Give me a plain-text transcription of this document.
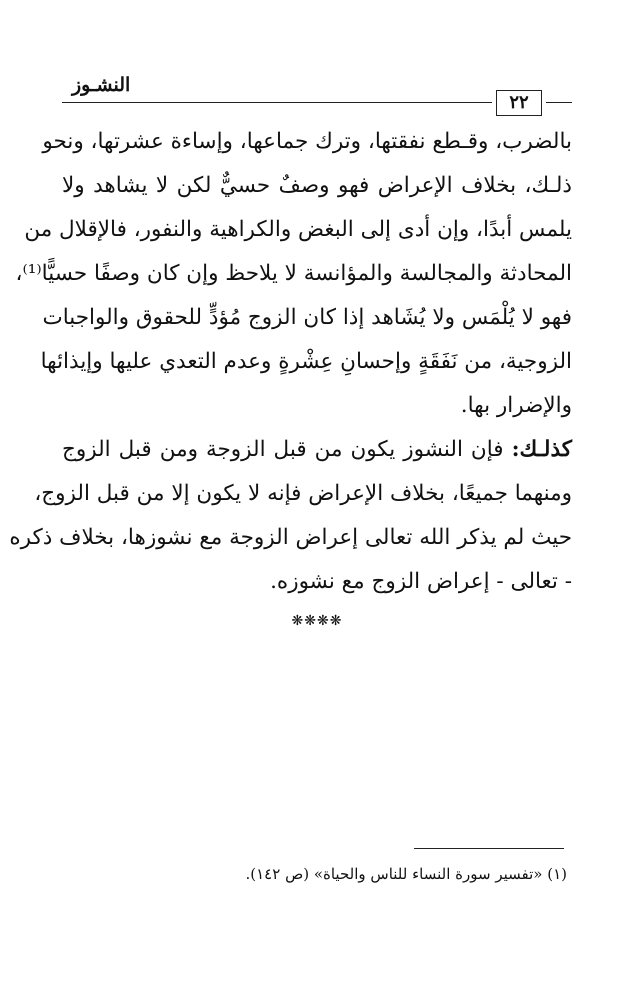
النشـوز
٢٢
بالضرب، وقـطع نفقتها، وترك جماعها، وإساءة عشرتها، ونحو
ذلـك، بخلاف الإعراض فهو وصفٌ حسيٌّ لكن لا يشاهد ولا
يلمس أبدًا، وإن أدى إلى البغض والكراهية والنفور، فالإقلال من
المحادثة والمجالسة والمؤانسة لا يلاحظ وإن كان وصفًا حسيًّا⁽¹⁾،
فهو لا يُلْمَس ولا يُشَاهد إذا كان الزوج مُؤدٍّ للحقوق والواجبات
الزوجية، من نَفَقَةٍ وإحسانِ عِشْرةٍ وعدم التعدي عليها وإيذائها
والإضرار بها.
كذلـك: فإن النشوز يكون من قبل الزوجة ومن قبل الزوج
ومنهما جميعًا، بخلاف الإعراض فإنه لا يكون إلا من قبل الزوج،
حيث لم يذكر الله تعالى إعراض الزوجة مع نشوزها، بخلاف ذكره
- تعالى - إعراض الزوج مع نشوزه.
❋❋❋❋
(١) «تفسير سورة النساء للناس والحياة» (ص ١٤٢).
